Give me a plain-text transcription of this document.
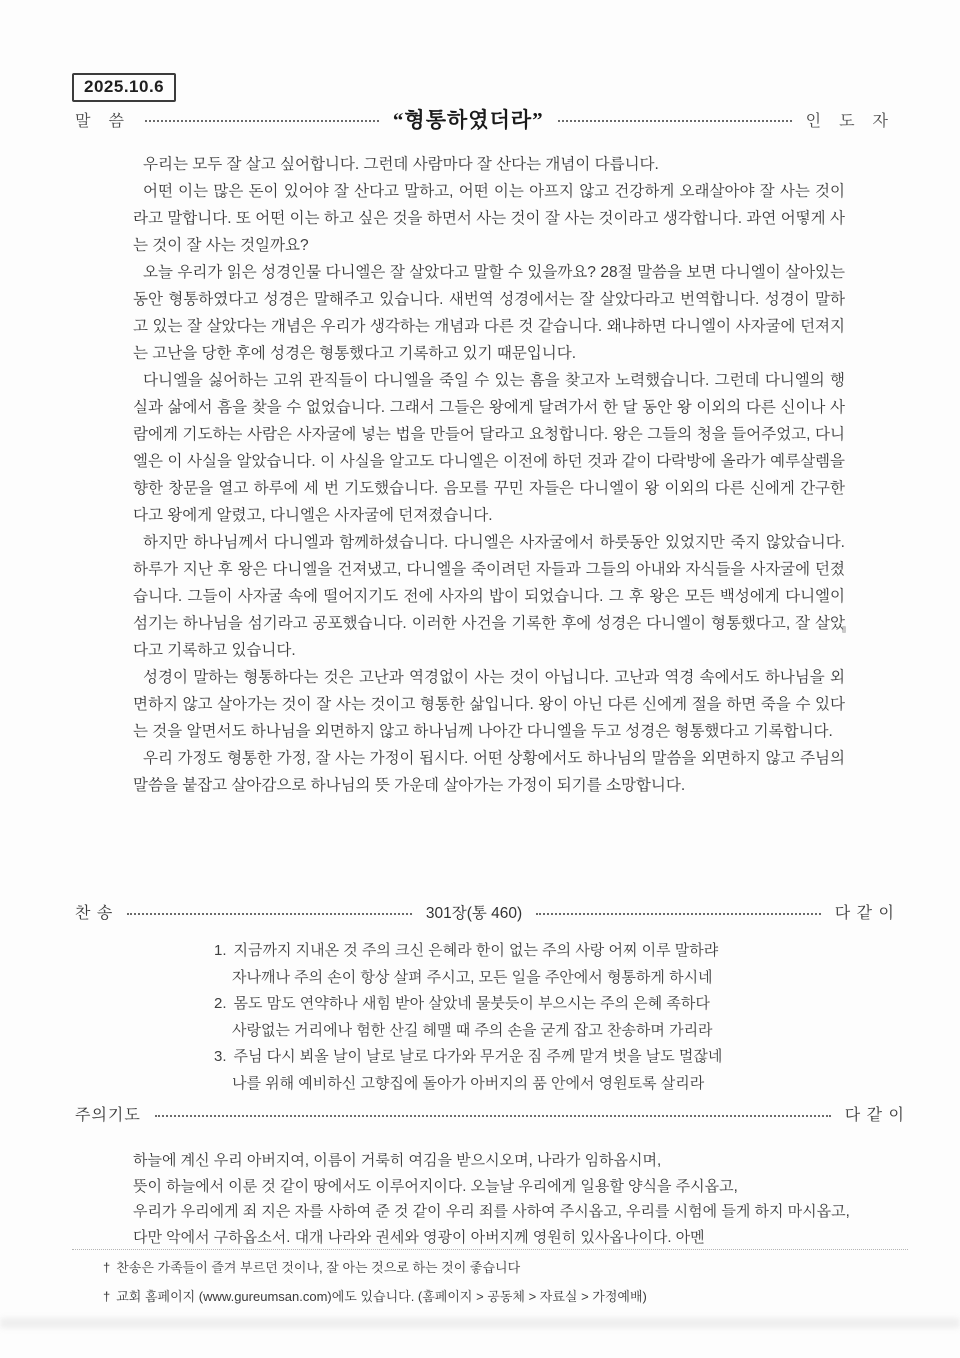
2025.10.6
말 씀	“형통하였더라”	인 도 자

우리는 모두 잘 살고 싶어합니다. 그런데 사람마다 잘 산다는 개념이 다릅니다.

어떤 이는 많은 돈이 있어야 잘 산다고 말하고, 어떤 이는 아프지 않고 건강하게 오래살아야 잘 사는 것이라고 말합니다. 또 어떤 이는 하고 싶은 것을 하면서 사는 것이 잘 사는 것이라고 생각합니다. 과연 어떻게 사는 것이 잘 사는 것일까요?

오늘 우리가 읽은 성경인물 다니엘은 잘 살았다고 말할 수 있을까요? 28절 말씀을 보면 다니엘이 살아있는 동안 형통하였다고 성경은 말해주고 있습니다. 새번역 성경에서는 잘 살았다라고 번역합니다. 성경이 말하고 있는 잘 살았다는 개념은 우리가 생각하는 개념과 다른 것 같습니다. 왜냐하면 다니엘이 사자굴에 던져지는 고난을 당한 후에 성경은 형통했다고 기록하고 있기 때문입니다.

다니엘을 싫어하는 고위 관직들이 다니엘을 죽일 수 있는 흠을 찾고자 노력했습니다. 그런데 다니엘의 행실과 삶에서 흠을 찾을 수 없었습니다. 그래서 그들은 왕에게 달려가서 한 달 동안 왕 이외의 다른 신이나 사람에게 기도하는 사람은 사자굴에 넣는 법을 만들어 달라고 요청합니다. 왕은 그들의 청을 들어주었고, 다니엘은 이 사실을 알았습니다. 이 사실을 알고도 다니엘은 이전에 하던 것과 같이 다락방에 올라가 예루살렘을 향한 창문을 열고 하루에 세 번 기도했습니다. 음모를 꾸민 자들은 다니엘이 왕 이외의 다른 신에게 간구한다고 왕에게 알렸고, 다니엘은 사자굴에 던져졌습니다.

하지만 하나님께서 다니엘과 함께하셨습니다. 다니엘은 사자굴에서 하룻동안 있었지만 죽지 않았습니다. 하루가 지난 후 왕은 다니엘을 건져냈고, 다니엘을 죽이려던 자들과 그들의 아내와 자식들을 사자굴에 던졌습니다. 그들이 사자굴 속에 떨어지기도 전에 사자의 밥이 되었습니다. 그 후 왕은 모든 백성에게 다니엘이 섬기는 하나님을 섬기라고 공포했습니다. 이러한 사건을 기록한 후에 성경은 다니엘이 형통했다고, 잘 살았다고 기록하고 있습니다.

성경이 말하는 형통하다는 것은 고난과 역경없이 사는 것이 아닙니다. 고난과 역경 속에서도 하나님을 외면하지 않고 살아가는 것이 잘 사는 것이고 형통한 삶입니다. 왕이 아닌 다른 신에게 절을 하면 죽을 수 있다는 것을 알면서도 하나님을 외면하지 않고 하나님께 나아간 다니엘을 두고 성경은 형통했다고 기록합니다.

우리 가정도 형통한 가정, 잘 사는 가정이 됩시다. 어떤 상황에서도 하나님의 말씀을 외면하지 않고 주님의 말씀을 붙잡고 살아감으로 하나님의 뜻 가운데 살아가는 가정이 되기를 소망합니다.

찬 송	301장(통 460)	다 같 이
1. 지금까지 지내온 것 주의 크신 은혜라 한이 없는 주의 사랑 어찌 이루 말하랴
자나깨나 주의 손이 항상 살펴 주시고, 모든 일을 주안에서 형통하게 하시네
2. 몸도 맘도 연약하나 새힘 받아 살았네 물붓듯이 부으시는 주의 은혜 족하다
사랑없는 거리에나 험한 산길 헤맬 때 주의 손을 굳게 잡고 찬송하며 가리라
3. 주님 다시 뵈올 날이 날로 날로 다가와 무거운 짐 주께 맡겨 벗을 날도 멀잖네
나를 위해 예비하신 고향집에 돌아가 아버지의 품 안에서 영원토록 살리라
주의기도	다 같 이
하늘에 계신 우리 아버지여, 이름이 거룩히 여김을 받으시오며, 나라가 임하옵시며,
뜻이 하늘에서 이룬 것 같이 땅에서도 이루어지이다. 오늘날 우리에게 일용할 양식을 주시옵고,
우리가 우리에게 죄 지은 자를 사하여 준 것 같이 우리 죄를 사하여 주시옵고, 우리를 시험에 들게 하지 마시옵고,
다만 악에서 구하옵소서. 대개 나라와 권세와 영광이 아버지께 영원히 있사옵나이다. 아멘
† 찬송은 가족들이 즐겨 부르던 것이나, 잘 아는 것으로 하는 것이 좋습니다
† 교회 홈페이지 (www.gureumsan.com)에도 있습니다. (홈페이지 > 공동체 > 자료실 > 가정예배)
